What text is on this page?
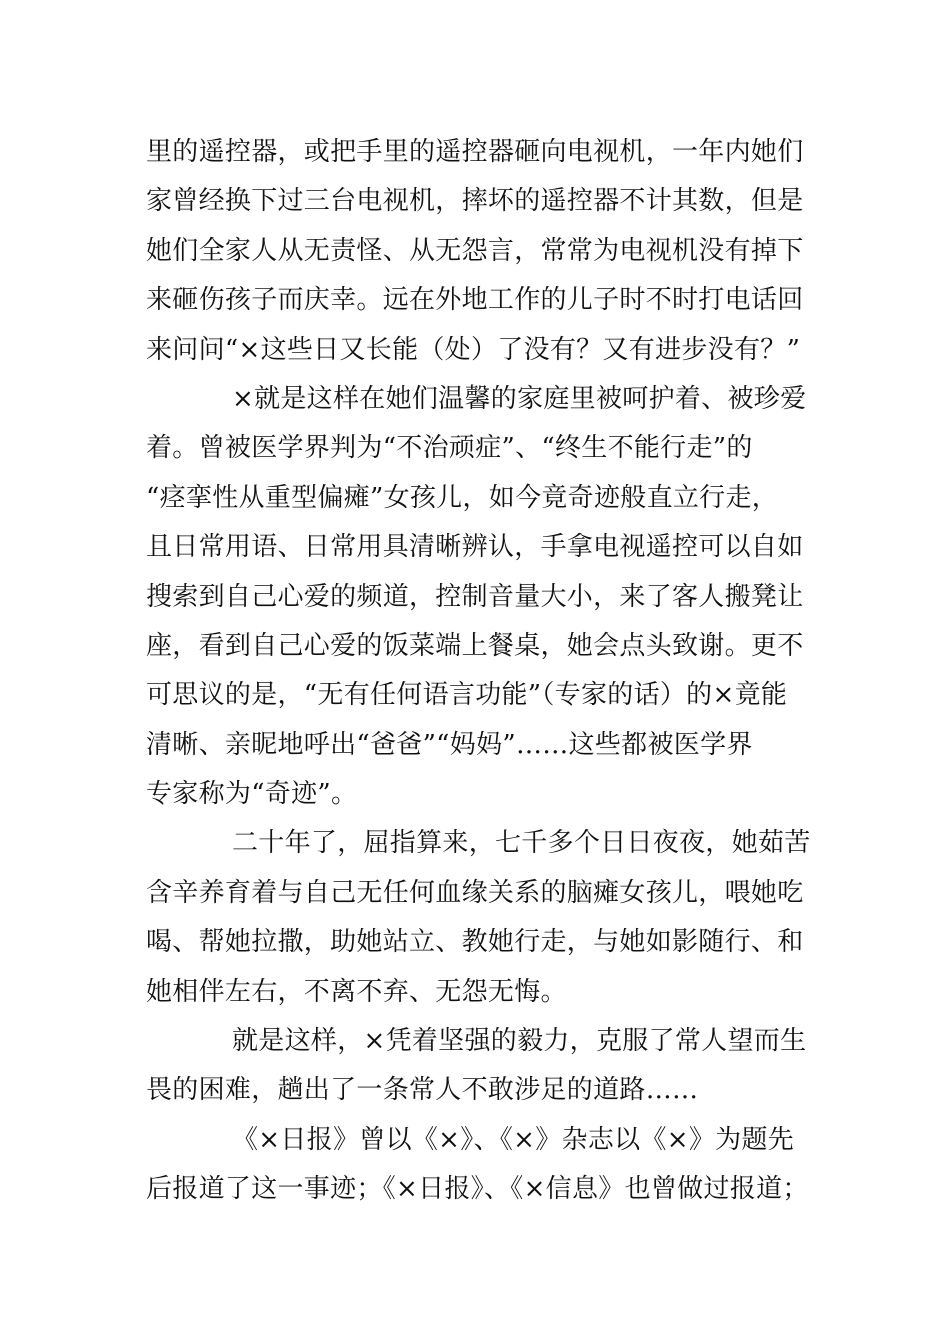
里的遥控器，或把手里的遥控器砸向电视机，一年内她们
家曾经换下过三台电视机，摔坏的遥控器不计其数，但是
她们全家人从无责怪、从无怨言，常常为电视机没有掉下
来砸伤孩子而庆幸。远在外地工作的儿子时不时打电话回
来问问“×这些日又长能（处）了没有？又有进步没有？”
×就是这样在她们温馨的家庭里被呵护着、被珍爱
着。曾被医学界判为“不治顽症”、“终生不能行走”的
“痉挛性从重型偏瘫”女孩儿，如今竟奇迹般直立行走，
且日常用语、日常用具清晰辨认，手拿电视遥控可以自如
搜索到自己心爱的频道，控制音量大小，来了客人搬凳让
座，看到自己心爱的饭菜端上餐桌，她会点头致谢。更不
可思议的是，“无有任何语言功能”（专家的话）的×竟能
清晰、亲昵地呼出“爸爸”“妈妈”……这些都被医学界
专家称为“奇迹”。
二十年了，屈指算来，七千多个日日夜夜，她茹苦
含辛养育着与自己无任何血缘关系的脑瘫女孩儿，喂她吃
喝、帮她拉撒，助她站立、教她行走，与她如影随行、和
她相伴左右，不离不弃、无怨无悔。
就是这样，×凭着坚强的毅力，克服了常人望而生
畏的困难，趟出了一条常人不敢涉足的道路……
《×日报》曾以《×》、《×》杂志以《×》为题先
后报道了这一事迹；《×日报》、《×信息》也曾做过报道；
